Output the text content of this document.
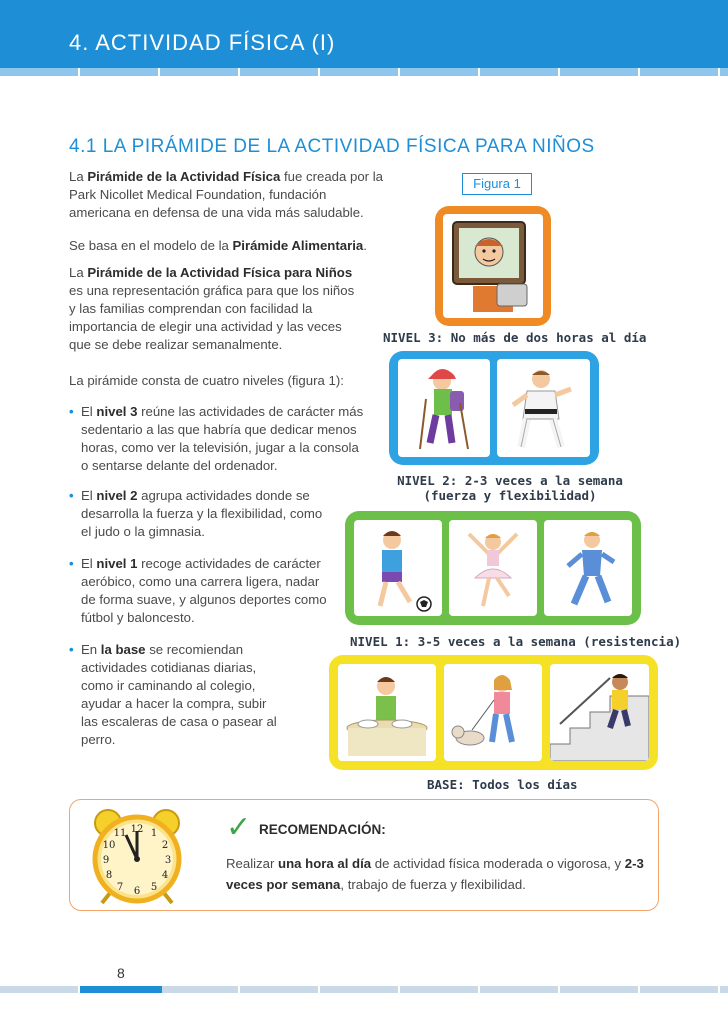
4. ACTIVIDAD FÍSICA (I)
4.1 LA PIRÁMIDE DE LA ACTIVIDAD FÍSICA PARA NIÑOS
La Pirámide de la Actividad Física fue creada por la Park Nicollet Medical Foundation, fundación americana en defensa de una vida más saludable.
Se basa en el modelo de la Pirámide Alimentaria.
La Pirámide de la Actividad Física para Niños es una representación gráfica para que los niños y las familias comprendan con facilidad la importancia de elegir una actividad y las veces que se debe realizar semanalmente.
La pirámide consta de cuatro niveles (figura 1):
• El nivel 3 reúne las actividades de carácter más sedentario a las que habría que dedicar menos horas, como ver la televisión, jugar a la consola o sentarse delante del ordenador.
• El nivel 2 agrupa actividades donde se desarrolla la fuerza y la flexibilidad, como el judo o la gimnasia.
• El nivel 1 recoge actividades de carácter aeróbico, como una carrera ligera, nadar de forma suave, y algunos deportes como fútbol y baloncesto.
• En la base se recomiendan actividades cotidianas diarias, como ir caminando al colegio, ayudar a hacer la compra, subir las escaleras de casa o pasear al perro.
Figura 1
NIVEL 3: No más de dos horas al día
NIVEL 2: 2-3 veces a la semana
(fuerza y flexibilidad)
NIVEL 1: 3-5 veces a la semana (resistencia)
BASE: Todos los días
12 1
2
3
4
5
6
7
8
9
10
11	✓ RECOMENDACIÓN:
Realizar una hora al día de actividad física moderada o vigorosa, y 2-3 veces por semana, trabajo de fuerza y flexibilidad.
8
